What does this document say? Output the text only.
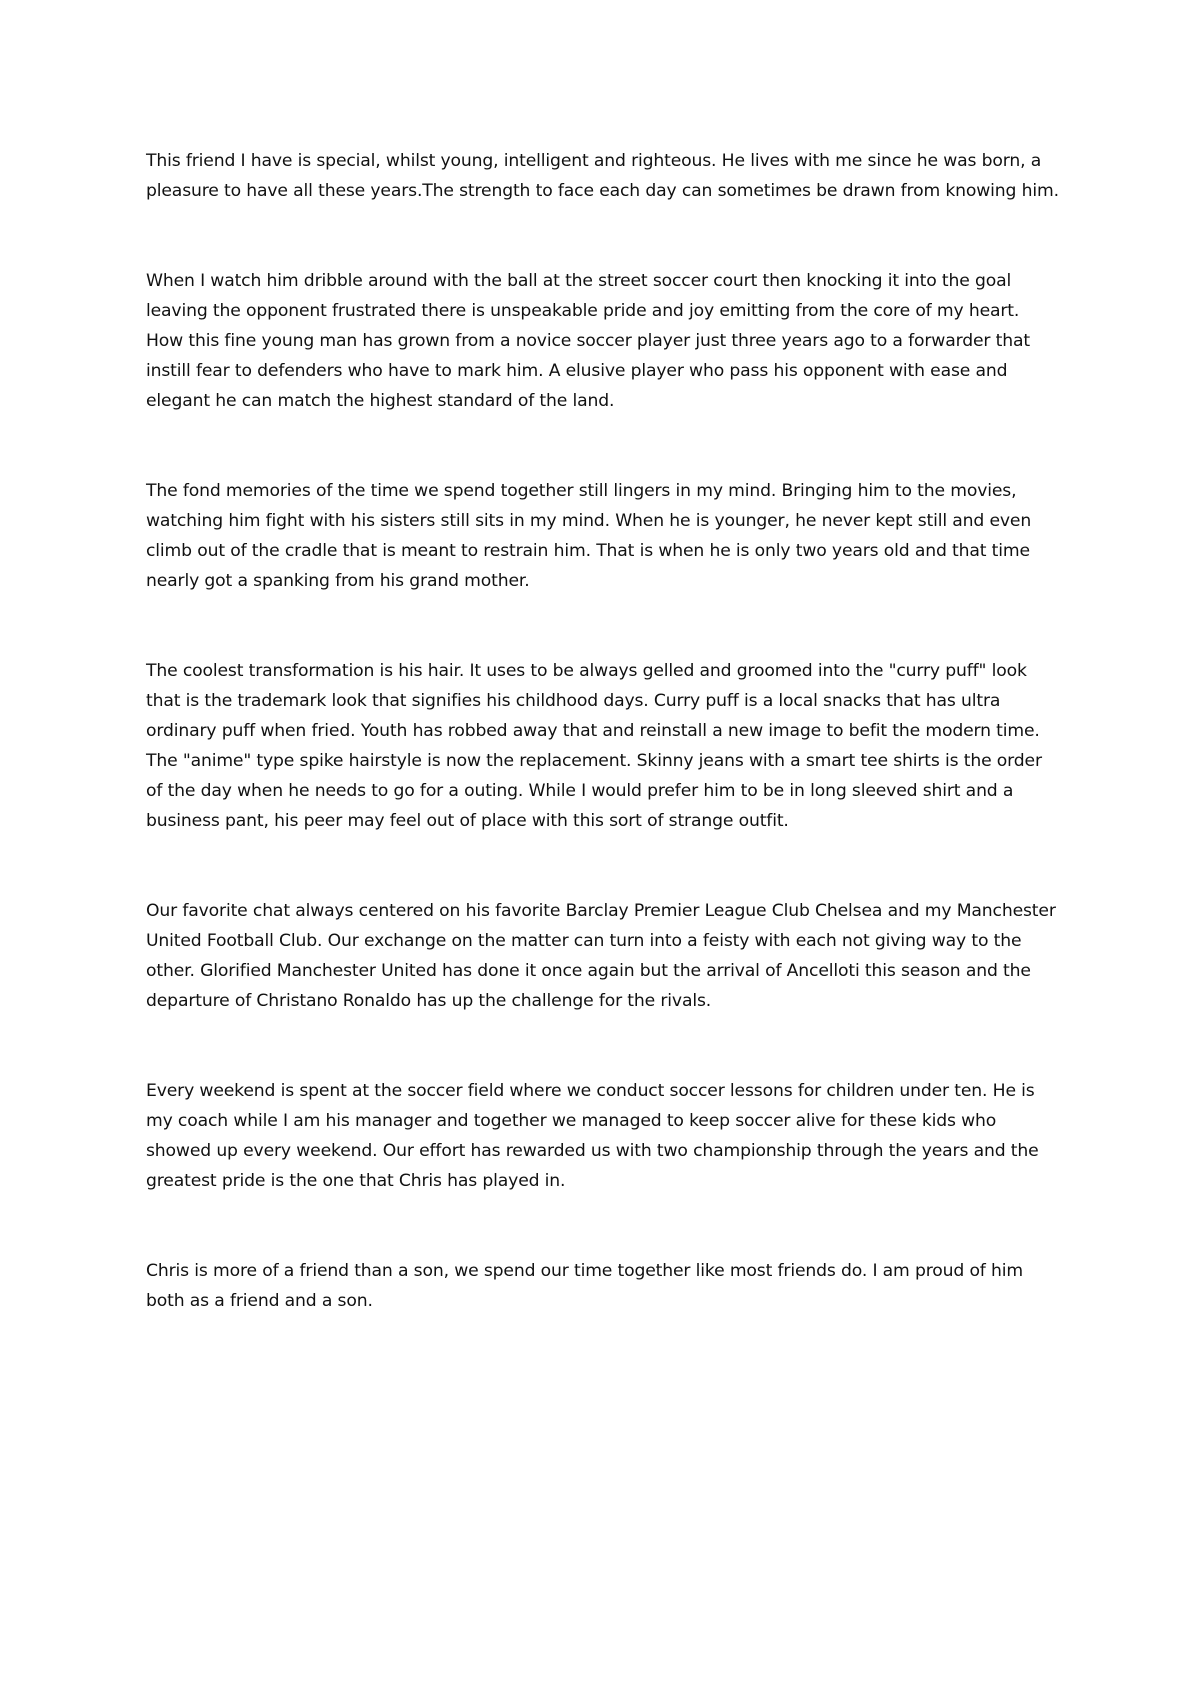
This friend I have is special, whilst young, intelligent and righteous. He lives with me since he was born, a pleasure to have all these years.The strength to face each day can sometimes be drawn from knowing him.

When I watch him dribble around with the ball at the street soccer court then knocking it into the goal leaving the opponent frustrated there is unspeakable pride and joy emitting from the core of my heart. How this fine young man has grown from a novice soccer player just three years ago to a forwarder that instill fear to defenders who have to mark him. A elusive player who pass his opponent with ease and elegant he can match the highest standard of the land.

The fond memories of the time we spend together still lingers in my mind. Bringing him to the movies, watching him fight with his sisters still sits in my mind. When he is younger, he never kept still and even climb out of the cradle that is meant to restrain him. That is when he is only two years old and that time nearly got a spanking from his grand mother.

The coolest transformation is his hair. It uses to be always gelled and groomed into the "curry puff" look that is the trademark look that signifies his childhood days. Curry puff is a local snacks that has ultra ordinary puff when fried. Youth has robbed away that and reinstall a new image to befit the modern time. The "anime" type spike hairstyle is now the replacement. Skinny jeans with a smart tee shirts is the order of the day when he needs to go for a outing. While I would prefer him to be in long sleeved shirt and a business pant, his peer may feel out of place with this sort of strange outfit.

Our favorite chat always centered on his favorite Barclay Premier League Club Chelsea and my Manchester United Football Club. Our exchange on the matter can turn into a feisty with each not giving way to the other. Glorified Manchester United has done it once again but the arrival of Ancelloti this season and the departure of Christano Ronaldo has up the challenge for the rivals.

Every weekend is spent at the soccer field where we conduct soccer lessons for children under ten. He is my coach while I am his manager and together we managed to keep soccer alive for these kids who showed up every weekend. Our effort has rewarded us with two championship through the years and the greatest pride is the one that Chris has played in.

Chris is more of a friend than a son, we spend our time together like most friends do. I am proud of him both as a friend and a son.
